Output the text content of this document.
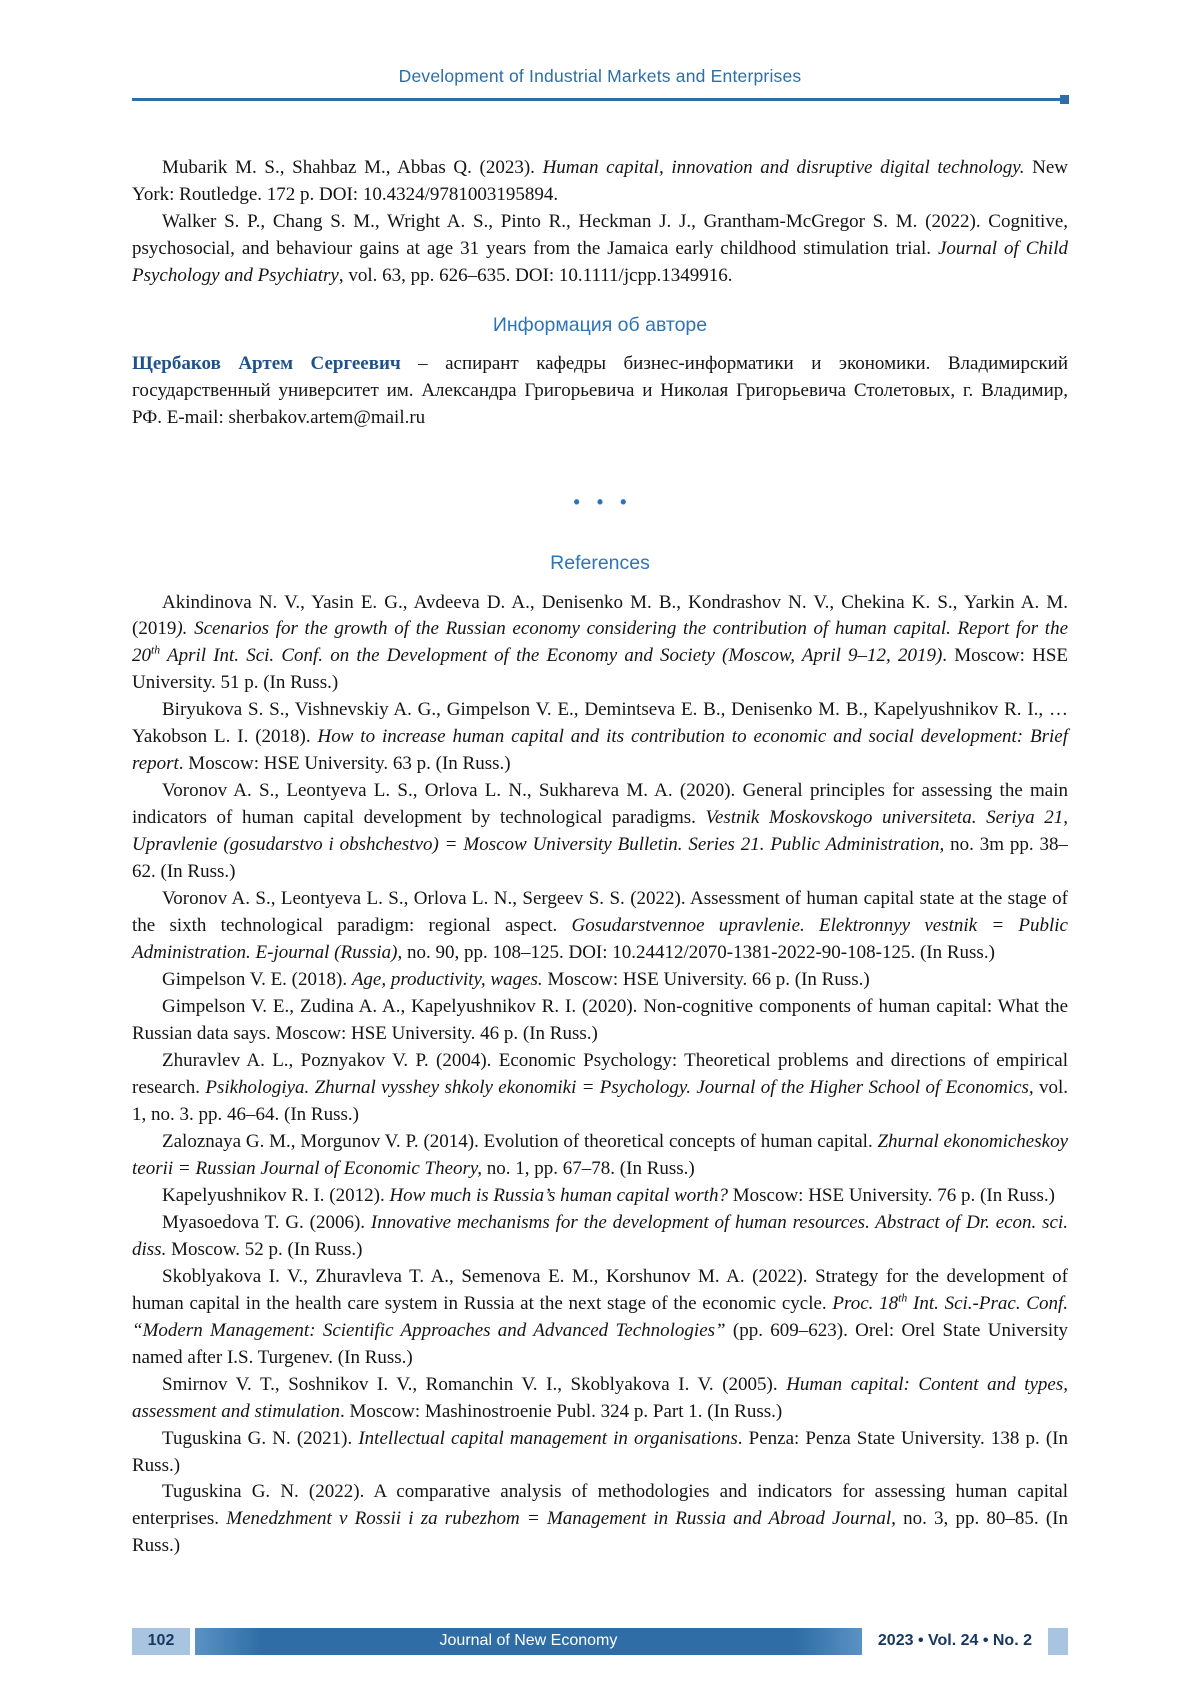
Development of Industrial Markets and Enterprises

Mubarik M. S., Shahbaz M., Abbas Q. (2023). Human capital, innovation and disruptive digital technology. New York: Routledge. 172 p. DOI: 10.4324/9781003195894.

Walker S. P., Chang S. M., Wright A. S., Pinto R., Heckman J. J., Grantham-McGregor S. M. (2022). Cognitive, psychosocial, and behaviour gains at age 31 years from the Jamaica early childhood stimulation trial. Journal of Child Psychology and Psychiatry, vol. 63, pp. 626–635. DOI: 10.1111/jcpp.1349916.

Информация об авторе

Щербаков Артем Сергеевич – аспирант кафедры бизнес-информатики и экономики. Владимирский государственный университет им. Александра Григорьевича и Николая Григорьевича Столетовых, г. Владимир, РФ. E-mail: sherbakov.artem@mail.ru

• • •
References

Akindinova N. V., Yasin E. G., Avdeeva D. A., Denisenko M. B., Kondrashov N. V., Chekina K. S., Yarkin A. M. (2019). Scenarios for the growth of the Russian economy considering the contribution of human capital. Report for the 20th April Int. Sci. Conf. on the Development of the Economy and Society (Moscow, April 9–12, 2019). Moscow: HSE University. 51 p. (In Russ.)

Biryukova S. S., Vishnevskiy A. G., Gimpelson V. E., Demintseva E. B., Denisenko M. B., Kapelyushnikov R. I., … Yakobson L. I. (2018). How to increase human capital and its contribution to economic and social development: Brief report. Moscow: HSE University. 63 p. (In Russ.)

Voronov A. S., Leontyeva L. S., Orlova L. N., Sukhareva M. A. (2020). General principles for assessing the main indicators of human capital development by technological paradigms. Vestnik Moskovskogo universiteta. Seriya 21, Upravlenie (gosudarstvo i obshchestvo) = Moscow University Bulletin. Series 21. Public Administration, no. 3m pp. 38–62. (In Russ.)

Voronov A. S., Leontyeva L. S., Orlova L. N., Sergeev S. S. (2022). Assessment of human capital state at the stage of the sixth technological paradigm: regional aspect. Gosudarstvennoe upravlenie. Elektronnyy vestnik = Public Administration. E-journal (Russia), no. 90, pp. 108–125. DOI: 10.24412/2070-1381-2022-90-108-125. (In Russ.)

Gimpelson V. E. (2018). Age, productivity, wages. Moscow: HSE University. 66 p. (In Russ.)

Gimpelson V. E., Zudina A. A., Kapelyushnikov R. I. (2020). Non-cognitive components of human capital: What the Russian data says. Moscow: HSE University. 46 p. (In Russ.)

Zhuravlev A. L., Poznyakov V. P. (2004). Economic Psychology: Theoretical problems and directions of empirical research. Psikhologiya. Zhurnal vysshey shkoly ekonomiki = Psychology. Journal of the Higher School of Economics, vol. 1, no. 3. pp. 46–64. (In Russ.)

Zaloznaya G. M., Morgunov V. P. (2014). Evolution of theoretical concepts of human capital. Zhurnal ekonomicheskoy teorii = Russian Journal of Economic Theory, no. 1, pp. 67–78. (In Russ.)

Kapelyushnikov R. I. (2012). How much is Russia’s human capital worth? Moscow: HSE University. 76 p. (In Russ.)

Myasoedova T. G. (2006). Innovative mechanisms for the development of human resources. Abstract of Dr. econ. sci. diss. Moscow. 52 p. (In Russ.)

Skoblyakova I. V., Zhuravleva T. A., Semenova E. M., Korshunov M. A. (2022). Strategy for the development of human capital in the health care system in Russia at the next stage of the economic cycle. Proc. 18th Int. Sci.-Prac. Conf. “Modern Management: Scientific Approaches and Advanced Technologies” (pp. 609–623). Orel: Orel State University named after I.S. Turgenev. (In Russ.)

Smirnov V. T., Soshnikov I. V., Romanchin V. I., Skoblyakova I. V. (2005). Human capital: Content and types, assessment and stimulation. Moscow: Mashinostroenie Publ. 324 p. Part 1. (In Russ.)

Tuguskina G. N. (2021). Intellectual capital management in organisations. Penza: Penza State University. 138 p. (In Russ.)

Tuguskina G. N. (2022). A comparative analysis of methodologies and indicators for assessing human capital enterprises. Menedzhment v Rossii i za rubezhom = Management in Russia and Abroad Journal, no. 3, pp. 80–85. (In Russ.)

102	Journal of New Economy	2023 • Vol. 24 • No. 2
